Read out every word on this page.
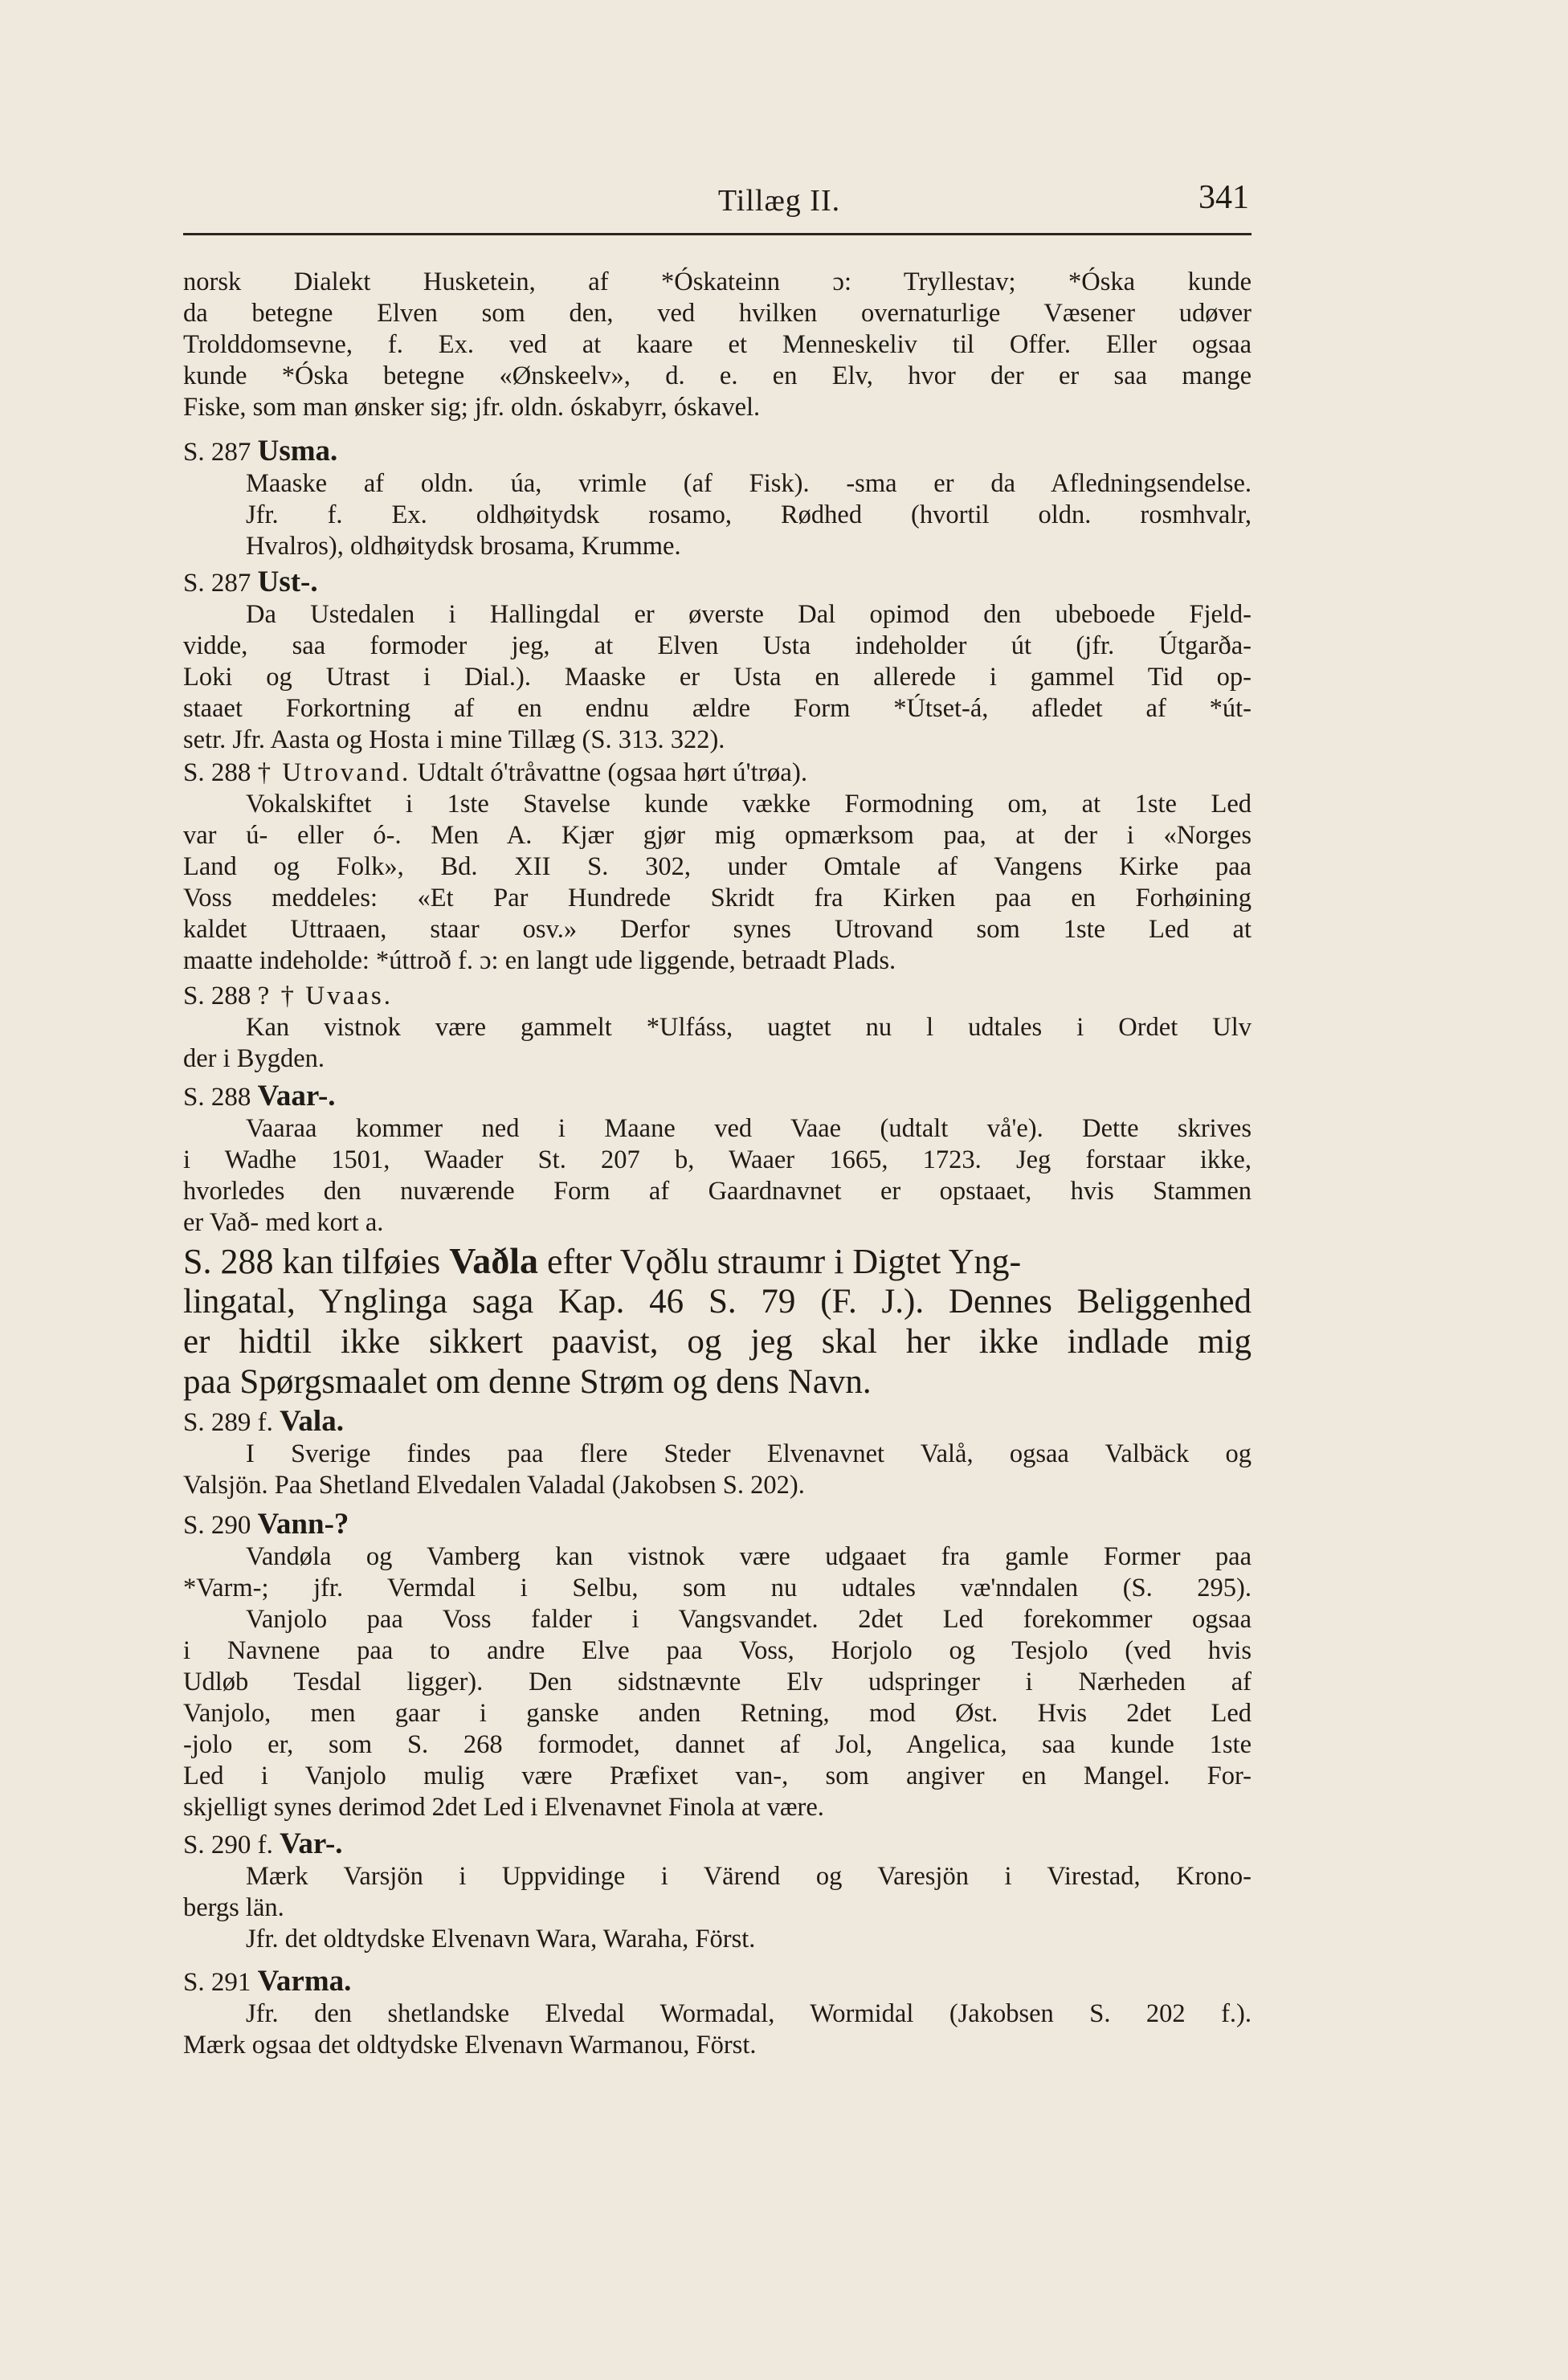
Tillæg II.	341
norsk Dialekt Husketein, af *Óskateinn ɔ: Tryllestav; *Óska kunde
da betegne Elven som den, ved hvilken overnaturlige Væsener udøver
Trolddomsevne, f. Ex. ved at kaare et Menneskeliv til Offer. Eller ogsaa
kunde *Óska betegne «Ønskeelv», d. e. en Elv, hvor der er saa mange
Fiske, som man ønsker sig; jfr. oldn. óskabyrr, óskavel.
S. 287 Usma.
Maaske af oldn. úa, vrimle (af Fisk). -sma er da Afledningsendelse.
Jfr. f. Ex. oldhøitydsk rosamo, Rødhed (hvortil oldn. rosmhvalr,
Hvalros), oldhøitydsk brosama, Krumme.
S. 287 Ust-.
Da Ustedalen i Hallingdal er øverste Dal opimod den ubeboede Fjeld-
vidde, saa formoder jeg, at Elven Usta indeholder út (jfr. Útgarða-
Loki og Utrast i Dial.). Maaske er Usta en allerede i gammel Tid op-
staaet Forkortning af en endnu ældre Form *Útset-á, afledet af *út-
setr. Jfr. Aasta og Hosta i mine Tillæg (S. 313. 322).
S. 288 † Utrovand. Udtalt ó'tråvattne (ogsaa hørt ú'trøa).
Vokalskiftet i 1ste Stavelse kunde vække Formodning om, at 1ste Led
var ú- eller ó-. Men A. Kjær gjør mig opmærksom paa, at der i «Norges
Land og Folk», Bd. XII S. 302, under Omtale af Vangens Kirke paa
Voss meddeles: «Et Par Hundrede Skridt fra Kirken paa en Forhøining
kaldet Uttraaen, staar osv.» Derfor synes Utrovand som 1ste Led at
maatte indeholde: *úttroð f. ɔ: en langt ude liggende, betraadt Plads.
S. 288 ? † Uvaas.
Kan vistnok være gammelt *Ulfáss, uagtet nu l udtales i Ordet Ulv
der i Bygden.
S. 288 Vaar-.
Vaaraa kommer ned i Maane ved Vaae (udtalt vå'e). Dette skrives
i Wadhe 1501, Waader St. 207 b, Waaer 1665, 1723. Jeg forstaar ikke,
hvorledes den nuværende Form af Gaardnavnet er opstaaet, hvis Stammen
er Vað- med kort a.
S. 288 kan tilføies Vaðla efter Vǫðlu straumr i Digtet Yng-
lingatal, Ynglinga saga Kap. 46 S. 79 (F. J.). Dennes Beliggenhed
er hidtil ikke sikkert paavist, og jeg skal her ikke indlade mig
paa Spørgsmaalet om denne Strøm og dens Navn.
S. 289 f. Vala.
I Sverige findes paa flere Steder Elvenavnet Valå, ogsaa Valbäck og
Valsjön. Paa Shetland Elvedalen Valadal (Jakobsen S. 202).
S. 290 Vann-?
Vandøla og Vamberg kan vistnok være udgaaet fra gamle Former paa
*Varm-; jfr. Vermdal i Selbu, som nu udtales væ'nndalen (S. 295).
Vanjolo paa Voss falder i Vangsvandet. 2det Led forekommer ogsaa
i Navnene paa to andre Elve paa Voss, Horjolo og Tesjolo (ved hvis
Udløb Tesdal ligger). Den sidstnævnte Elv udspringer i Nærheden af
Vanjolo, men gaar i ganske anden Retning, mod Øst. Hvis 2det Led
-jolo er, som S. 268 formodet, dannet af Jol, Angelica, saa kunde 1ste
Led i Vanjolo mulig være Præfixet van-, som angiver en Mangel. For-
skjelligt synes derimod 2det Led i Elvenavnet Finola at være.
S. 290 f. Var-.
Mærk Varsjön i Uppvidinge i Värend og Varesjön i Virestad, Krono-
bergs län.
Jfr. det oldtydske Elvenavn Wara, Waraha, Först.
S. 291 Varma.
Jfr. den shetlandske Elvedal Wormadal, Wormidal (Jakobsen S. 202 f.).
Mærk ogsaa det oldtydske Elvenavn Warmanou, Först.
